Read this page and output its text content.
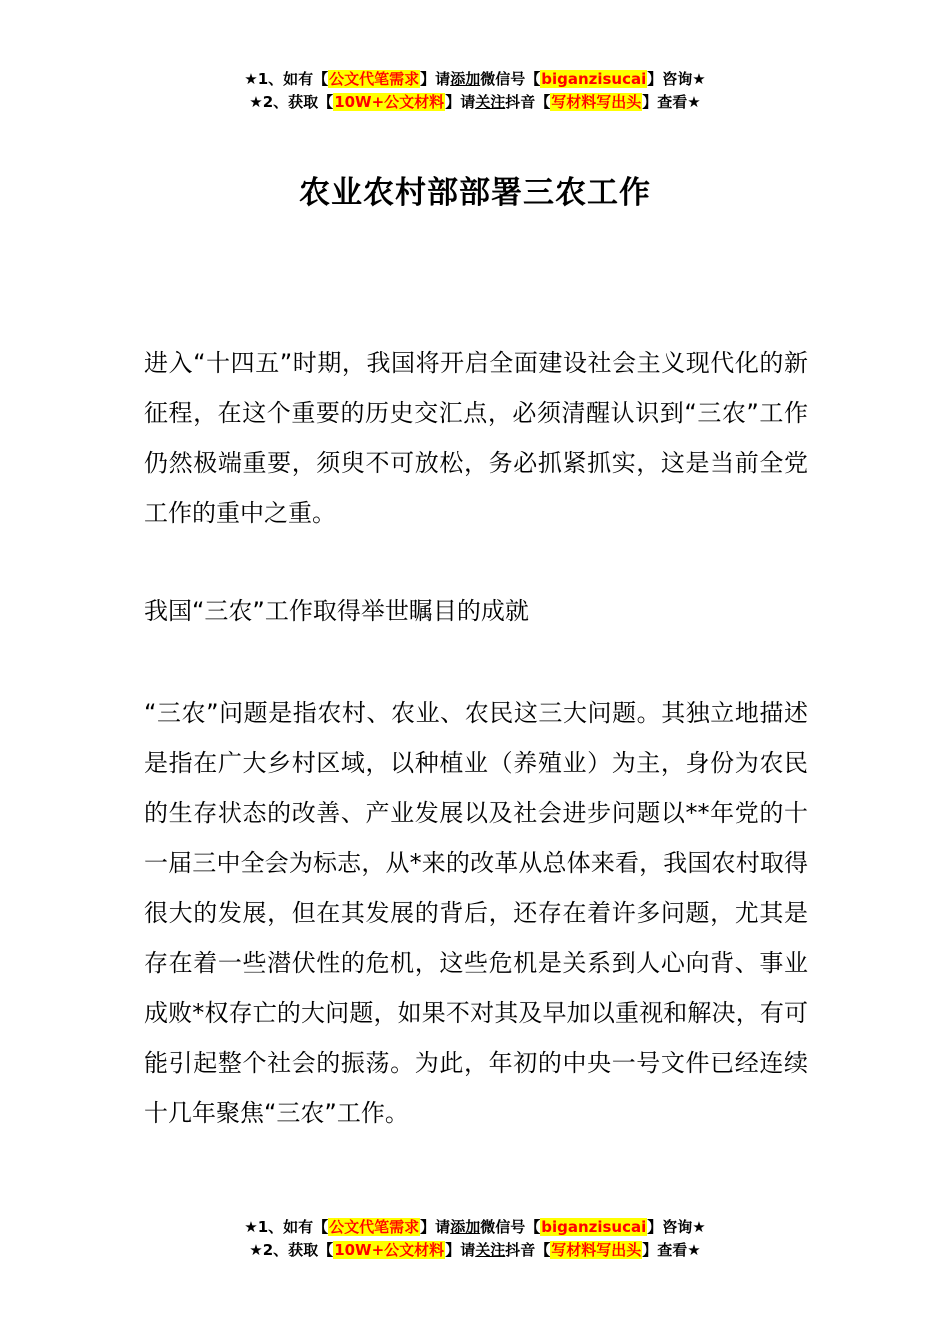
★1、如有【公文代笔需求】请添加微信号【biganzisucai】咨询★
★2、获取【10W+公文材料】请关注抖音【写材料写出头】查看★
农业农村部部署三农工作

进入“十四五”时期，我国将开启全面建设社会主义现代化的新征程，在这个重要的历史交汇点，必须清醒认识到“三农”工作仍然极端重要，须臾不可放松，务必抓紧抓实，这是当前全党工作的重中之重。

我国“三农”工作取得举世瞩目的成就

“三农”问题是指农村、农业、农民这三大问题。其独立地描述是指在广大乡村区域，以种植业（养殖业）为主，身份为农民的生存状态的改善、产业发展以及社会进步问题以**年党的十一届三中全会为标志，从*来的改革从总体来看，我国农村取得很大的发展，但在其发展的背后，还存在着许多问题，尤其是存在着一些潜伏性的危机，这些危机是关系到人心向背、事业成败*权存亡的大问题，如果不对其及早加以重视和解决，有可能引起整个社会的振荡。为此，年初的中央一号文件已经连续十几年聚焦“三农”工作。

★1、如有【公文代笔需求】请添加微信号【biganzisucai】咨询★
★2、获取【10W+公文材料】请关注抖音【写材料写出头】查看★
